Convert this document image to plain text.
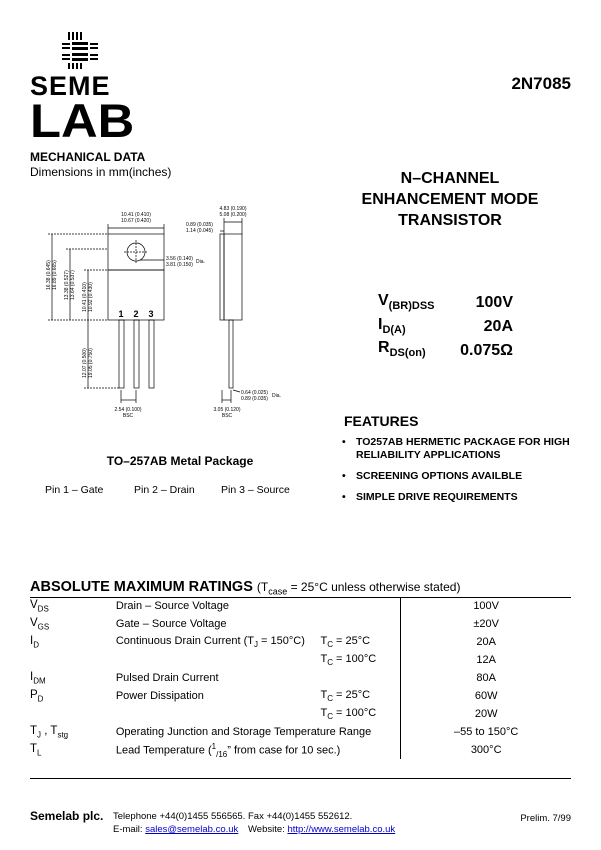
SEME
LAB
2N7085
MECHANICAL DATA
Dimensions in mm(inches)	N–CHANNEL
ENHANCEMENT MODE
TRANSISTOR
$V_{(BR)DSS}$	100V
$I_{D(A)}$	20A
$R_{DS(on)}$ 0.075Ω
FEATURES
• TO257AB HERMETIC PACKAGE FOR HIGH RELIABILITY APPLICATIONS
• SCREENING OPTIONS AVAILBLE
• SIMPLE DRIVE REQUIREMENTS
10.41 (0.410)
10.67 (0.420)
3.56 (0.140)
3.81 (0.150) Dia.
16.38 (0.645) 16.89 (0.665) 13.38 (0.527) 13.64 (0.537) 10.41 (0.410) 10.92 (0.430)
12.07 (0.500) 19.05 (0.750)
2.54 (0.100)
BSC
4.83 (0.190)
5.08 (0.200)
0.89 (0.035)
1.14 (0.045)
0.64 (0.025)
0.89 (0.035) Dia.
3.05 (0.120)
BSC
1 2 3
TO–257AB Metal Package
Pin 1 – Gate	Pin 2 – Drain	Pin 3 – Source
ABSOLUTE MAXIMUM RATINGS ($T_{case} = 25^\circ C$ unless otherwise stated)
$V_{DS}$	Drain – Source Voltage		100V
$V_{GS}$	Gate – Source Voltage		±20V
$I_D$	Continuous Drain Current $(T_J = 150^\circ C)$	$T_C = 25^\circ C$	20A
		$T_C = 100^\circ C$	12A
$I_{DM}$	Pulsed Drain Current		80A
$P_D$	Power Dissipation	$T_C = 25^\circ C$	60W
		$T_C = 100^\circ C$	20W
$T_J$ , $T_{stg}$	Operating Junction and Storage Temperature Range		–55 to 150°C
$T_L$	Lead Temperature ($^1_{/16}$” from case for 10 sec.)		300°C
Semelab plc. Telephone +44(0)1455 556565. Fax +44(0)1455 552612.
E-mail: sales@semelab.co.uk Website: http://www.semelab.co.uk
Prelim. 7/99
